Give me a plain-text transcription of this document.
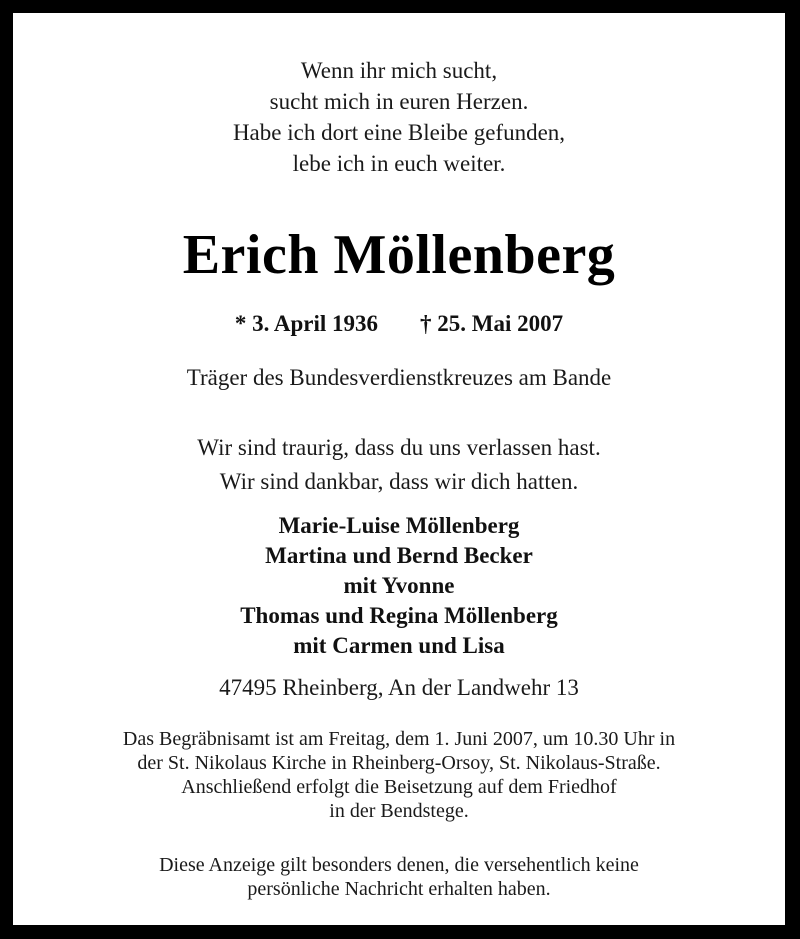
Wenn ihr mich sucht,
sucht mich in euren Herzen.
Habe ich dort eine Bleibe gefunden,
lebe ich in euch weiter.
Erich Möllenberg
* 3. April 1936 † 25. Mai 2007
Träger des Bundesverdienstkreuzes am Bande
Wir sind traurig, dass du uns verlassen hast.
Wir sind dankbar, dass wir dich hatten.
Marie-Luise Möllenberg
Martina und Bernd Becker
mit Yvonne
Thomas und Regina Möllenberg
mit Carmen und Lisa
47495 Rheinberg, An der Landwehr 13
Das Begräbnisamt ist am Freitag, dem 1. Juni 2007, um 10.30 Uhr in
der St. Nikolaus Kirche in Rheinberg-Orsoy, St. Nikolaus-Straße.
Anschließend erfolgt die Beisetzung auf dem Friedhof
in der Bendstege.
Diese Anzeige gilt besonders denen, die versehentlich keine
persönliche Nachricht erhalten haben.
